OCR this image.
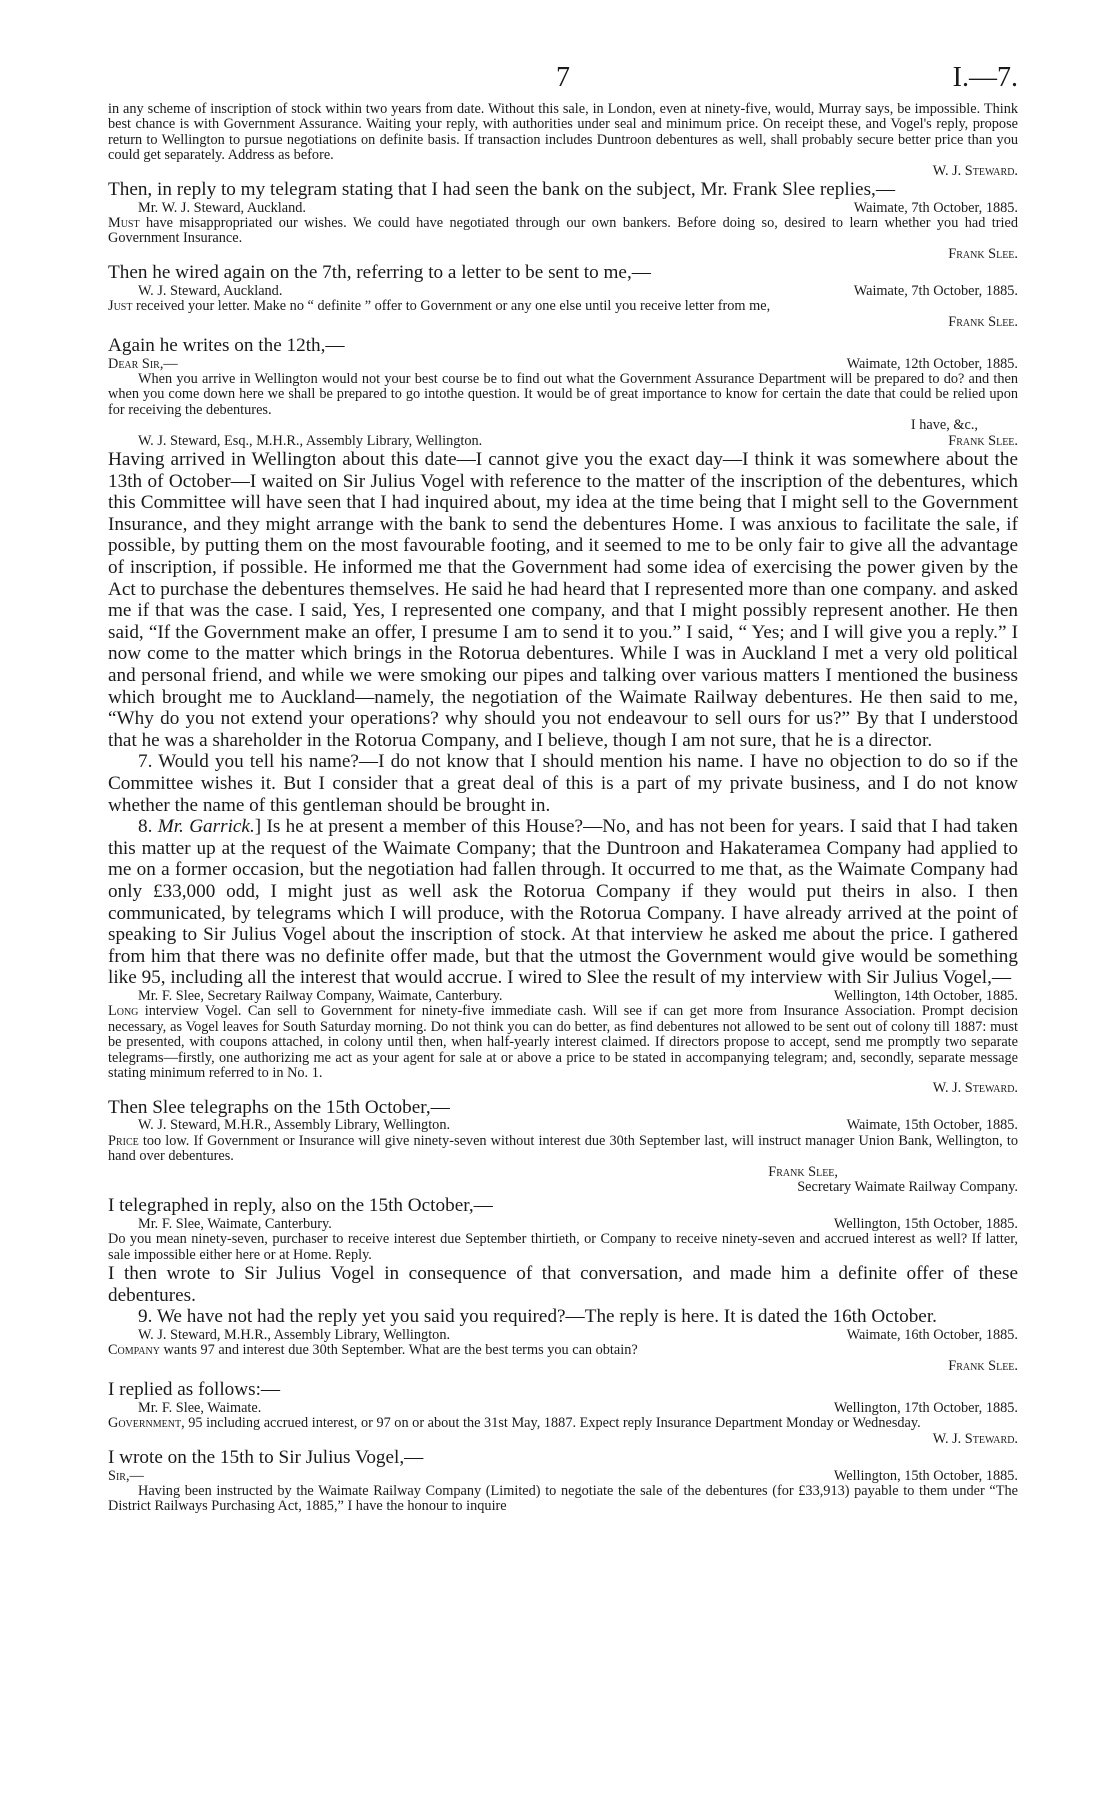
7	I.—7.

in any scheme of inscription of stock within two years from date. Without this sale, in London, even at ninety-five, would, Murray says, be impossible. Think best chance is with Government Assurance. Waiting your reply, with authorities under seal and minimum price. On receipt these, and Vogel's reply, propose return to Wellington to pursue negotiations on definite basis. If transaction includes Duntroon debentures as well, shall probably secure better price than you could get separately. Address as before.

W. J. Steward.

Then, in reply to my telegram stating that I had seen the bank on the subject, Mr. Frank Slee replies,—

Mr. W. J. Steward, Auckland.	Waimate, 7th October, 1885.

Must have misappropriated our wishes. We could have negotiated through our own bankers. Before doing so, desired to learn whether you had tried Government Insurance.

Frank Slee.

Then he wired again on the 7th, referring to a letter to be sent to me,—

W. J. Steward, Auckland.	Waimate, 7th October, 1885.

Just received your letter. Make no “ definite ” offer to Government or any one else until you receive letter from me,

Frank Slee.

Again he writes on the 12th,—

Dear Sir,—	Waimate, 12th October, 1885.

When you arrive in Wellington would not your best course be to find out what the Government Assurance Department will be prepared to do? and then when you come down here we shall be prepared to go intothe question. It would be of great importance to know for certain the date that could be relied upon for receiving the debentures.

I have, &c.,
W. J. Steward, Esq., M.H.R., Assembly Library, Wellington.	Frank Slee.

Having arrived in Wellington about this date—I cannot give you the exact day—I think it was somewhere about the 13th of October—I waited on Sir Julius Vogel with reference to the matter of the inscription of the debentures, which this Committee will have seen that I had inquired about, my idea at the time being that I might sell to the Government Insurance, and they might arrange with the bank to send the debentures Home. I was anxious to facilitate the sale, if possible, by putting them on the most favourable footing, and it seemed to me to be only fair to give all the advantage of inscription, if possible. He informed me that the Government had some idea of exercising the power given by the Act to purchase the debentures themselves. He said he had heard that I represented more than one company. and asked me if that was the case. I said, Yes, I represented one company, and that I might possibly represent another. He then said, “If the Government make an offer, I presume I am to send it to you.” I said, “ Yes; and I will give you a reply.” I now come to the matter which brings in the Rotorua debentures. While I was in Auckland I met a very old political and personal friend, and while we were smoking our pipes and talking over various matters I mentioned the business which brought me to Auckland—namely, the negotiation of the Waimate Railway debentures. He then said to me, “Why do you not extend your operations? why should you not endeavour to sell ours for us?” By that I understood that he was a shareholder in the Rotorua Company, and I believe, though I am not sure, that he is a director.

7. Would you tell his name?—I do not know that I should mention his name. I have no objection to do so if the Committee wishes it. But I consider that a great deal of this is a part of my private business, and I do not know whether the name of this gentleman should be brought in.

8. Mr. Garrick.] Is he at present a member of this House?—No, and has not been for years. I said that I had taken this matter up at the request of the Waimate Company; that the Duntroon and Hakateramea Company had applied to me on a former occasion, but the negotiation had fallen through. It occurred to me that, as the Waimate Company had only £33,000 odd, I might just as well ask the Rotorua Company if they would put theirs in also. I then communicated, by telegrams which I will produce, with the Rotorua Company. I have already arrived at the point of speaking to Sir Julius Vogel about the inscription of stock. At that interview he asked me about the price. I gathered from him that there was no definite offer made, but that the utmost the Government would give would be something like 95, including all the interest that would accrue. I wired to Slee the result of my interview with Sir Julius Vogel,—

Mr. F. Slee, Secretary Railway Company, Waimate, Canterbury.	Wellington, 14th October, 1885.

Long interview Vogel. Can sell to Government for ninety-five immediate cash. Will see if can get more from Insurance Association. Prompt decision necessary, as Vogel leaves for South Saturday morning. Do not think you can do better, as find debentures not allowed to be sent out of colony till 1887: must be presented, with coupons attached, in colony until then, when half-yearly interest claimed. If directors propose to accept, send me promptly two separate telegrams—firstly, one authorizing me act as your agent for sale at or above a price to be stated in accompanying telegram; and, secondly, separate message stating minimum referred to in No. 1.

W. J. Steward.

Then Slee telegraphs on the 15th October,—

W. J. Steward, M.H.R., Assembly Library, Wellington.	Waimate, 15th October, 1885.

Price too low. If Government or Insurance will give ninety-seven without interest due 30th September last, will instruct manager Union Bank, Wellington, to hand over debentures.

Frank Slee,
Secretary Waimate Railway Company.

I telegraphed in reply, also on the 15th October,—

Mr. F. Slee, Waimate, Canterbury.	Wellington, 15th October, 1885.

Do you mean ninety-seven, purchaser to receive interest due September thirtieth, or Company to receive ninety-seven and accrued interest as well? If latter, sale impossible either here or at Home. Reply.

I then wrote to Sir Julius Vogel in consequence of that conversation, and made him a definite offer of these debentures.

9. We have not had the reply yet you said you required?—The reply is here. It is dated the 16th October.

W. J. Steward, M.H.R., Assembly Library, Wellington.	Waimate, 16th October, 1885.

Company wants 97 and interest due 30th September. What are the best terms you can obtain?

Frank Slee.

I replied as follows:—

Mr. F. Slee, Waimate.	Wellington, 17th October, 1885.

Government, 95 including accrued interest, or 97 on or about the 31st May, 1887. Expect reply Insurance Department Monday or Wednesday.

W. J. Steward.

I wrote on the 15th to Sir Julius Vogel,—

Sir,—	Wellington, 15th October, 1885.

Having been instructed by the Waimate Railway Company (Limited) to negotiate the sale of the debentures (for £33,913) payable to them under “The District Railways Purchasing Act, 1885,” I have the honour to inquire
